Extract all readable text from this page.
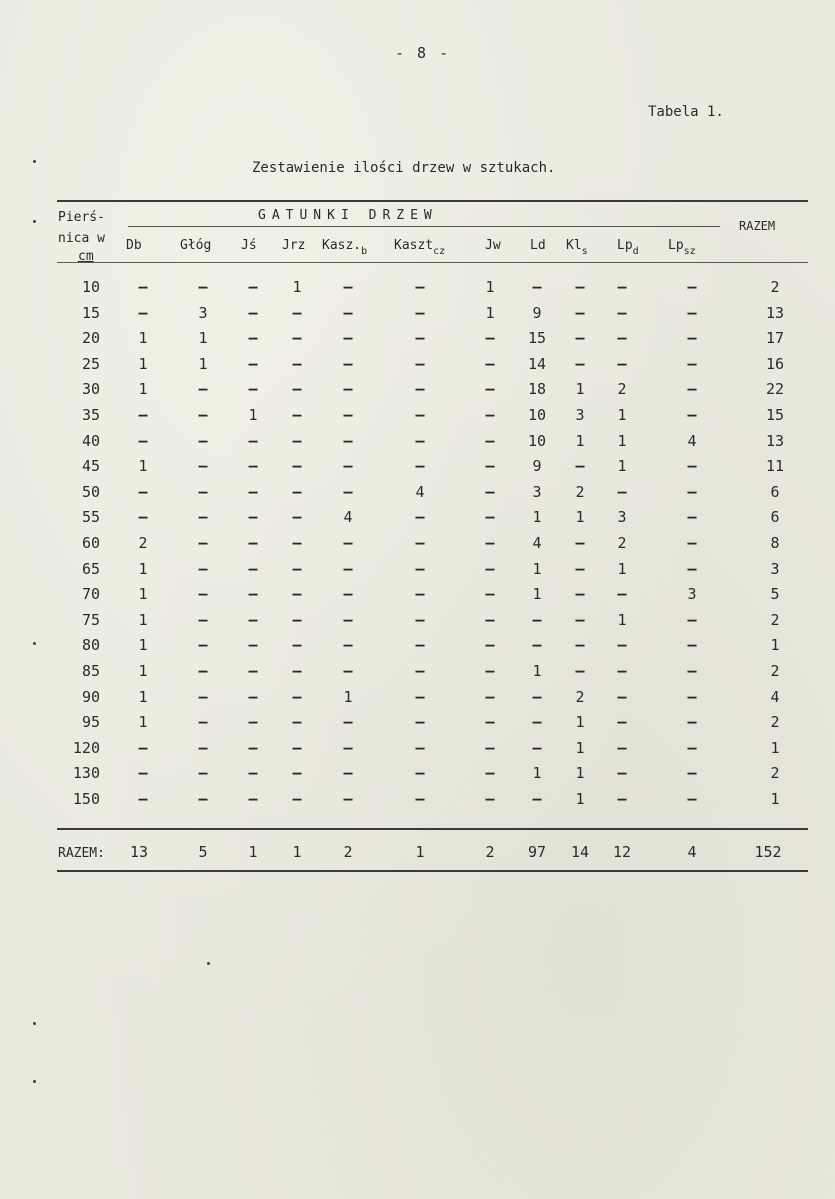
- 8 -
Tabela 1.
Zestawienie ilości drzew w sztukach.
Pierś-
nica w
cm
GATUNKI DRZEW
RAZEM
Db	Głóg Jś Jrz $Kasz._b$ Kaszt$_{cz}$	Jw Ld $Kl_s$ $Lp_d$ $Lp_{sz}$
10	–	–	–	1	–	–	1	–	–	–	–	2
15	–	3	–	–	–	–	1	9	–	–	–	13
20	1	1	–	–	–	–	–	15	–	–	–	17
25	1	1	–	–	–	–	–	14	–	–	–	16
30	1	–	–	–	–	–	–	18	1	2	–	22
35	–	–	1	–	–	–	–	10	3	1	–	15
40	–	–	–	–	–	–	–	10	1	1	4	13
45	1	–	–	–	–	–	–	9	–	1	–	11
50	–	–	–	–	–	4	–	3	2	–	–	6
55	–	–	–	–	4	–	–	1	1	3	–	6
60	2	–	–	–	–	–	–	4	–	2	–	8
65	1	–	–	–	–	–	–	1	–	1	–	3
70	1	–	–	–	–	–	–	1	–	–	3	5
75	1	–	–	–	–	–	–	–	–	1	–	2
80	1	–	–	–	–	–	–	–	–	–	–	1
85	1	–	–	–	–	–	–	1	–	–	–	2
90	1	–	–	–	1	–	–	–	2	–	–	4
95	1	–	–	–	–	–	–	–	1	–	–	2
120	–	–	–	–	–	–	–	–	1	–	–	1
130	–	–	–	–	–	–	–	1	1	–	–	2
150	–	–	–	–	–	–	–	–	1	–	–	1
RAZEM:	13	5	1	1	2	1	2	97	14	12	4	152
